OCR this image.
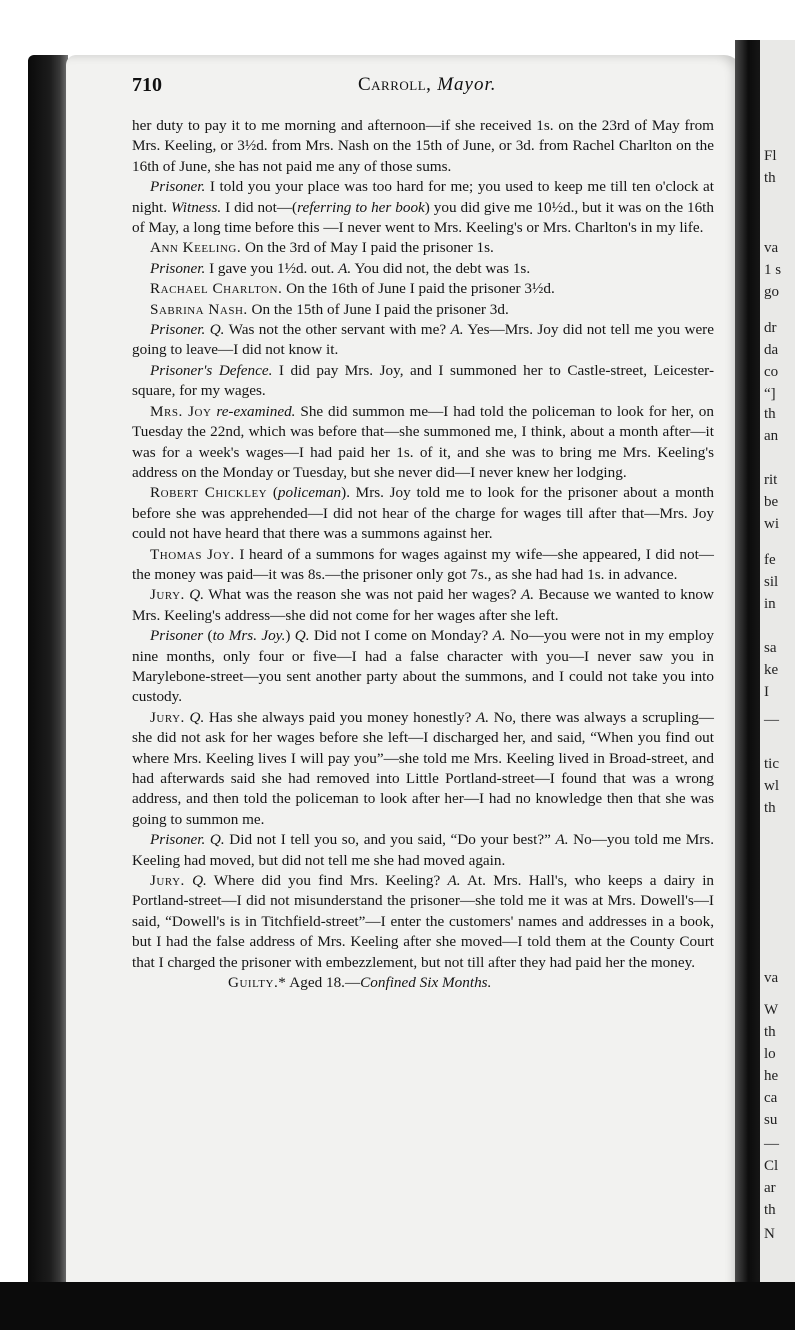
Fl
th
va
1 s
go
dr
da
co
“]
th
an
rit
be
wi
fe
sil
in
sa
ke
I
—
tic
wl
th
va
W
th
lo
he
ca
su
—
Cl
ar
th
N
710	Carroll, Mayor.

her duty to pay it to me morning and afternoon—if she received 1s. on the 23rd of May from Mrs. Keeling, or 3½d. from Mrs. Nash on the 15th of June, or 3d. from Rachel Charlton on the 16th of June, she has not paid me any of those sums.

Prisoner. I told you your place was too hard for me; you used to keep me till ten o'clock at night. Witness. I did not—(referring to her book) you did give me 10½d., but it was on the 16th of May, a long time before this —I never went to Mrs. Keeling's or Mrs. Charlton's in my life.

Ann Keeling. On the 3rd of May I paid the prisoner 1s.

Prisoner. I gave you 1½d. out. A. You did not, the debt was 1s.

Rachael Charlton. On the 16th of June I paid the prisoner 3½d.

Sabrina Nash. On the 15th of June I paid the prisoner 3d.

Prisoner. Q. Was not the other servant with me? A. Yes—Mrs. Joy did not tell me you were going to leave—I did not know it.

Prisoner's Defence. I did pay Mrs. Joy, and I summoned her to Castle-street, Leicester-square, for my wages.

Mrs. Joy re-examined. She did summon me—I had told the policeman to look for her, on Tuesday the 22nd, which was before that—she summoned me, I think, about a month after—it was for a week's wages—I had paid her 1s. of it, and she was to bring me Mrs. Keeling's address on the Monday or Tuesday, but she never did—I never knew her lodging.

Robert Chickley (policeman). Mrs. Joy told me to look for the prisoner about a month before she was apprehended—I did not hear of the charge for wages till after that—Mrs. Joy could not have heard that there was a summons against her.

Thomas Joy. I heard of a summons for wages against my wife—she appeared, I did not—the money was paid—it was 8s.—the prisoner only got 7s., as she had had 1s. in advance.

Jury. Q. What was the reason she was not paid her wages? A. Because we wanted to know Mrs. Keeling's address—she did not come for her wages after she left.

Prisoner (to Mrs. Joy.) Q. Did not I come on Monday? A. No—you were not in my employ nine months, only four or five—I had a false character with you—I never saw you in Marylebone-street—you sent another party about the summons, and I could not take you into custody.

Jury. Q. Has she always paid you money honestly? A. No, there was always a scrupling—she did not ask for her wages before she left—I discharged her, and said, “When you find out where Mrs. Keeling lives I will pay you”—she told me Mrs. Keeling lived in Broad-street, and had afterwards said she had removed into Little Portland-street—I found that was a wrong address, and then told the policeman to look after her—I had no knowledge then that she was going to summon me.

Prisoner. Q. Did not I tell you so, and you said, “Do your best?” A. No—you told me Mrs. Keeling had moved, but did not tell me she had moved again.

Jury. Q. Where did you find Mrs. Keeling? A. At. Mrs. Hall's, who keeps a dairy in Portland-street—I did not misunderstand the prisoner—she told me it was at Mrs. Dowell's—I said, “Dowell's is in Titchfield-street”—I enter the customers' names and addresses in a book, but I had the false address of Mrs. Keeling after she moved—I told them at the County Court that I charged the prisoner with embezzlement, but not till after they had paid her the money.

Guilty.* Aged 18.—Confined Six Months.
